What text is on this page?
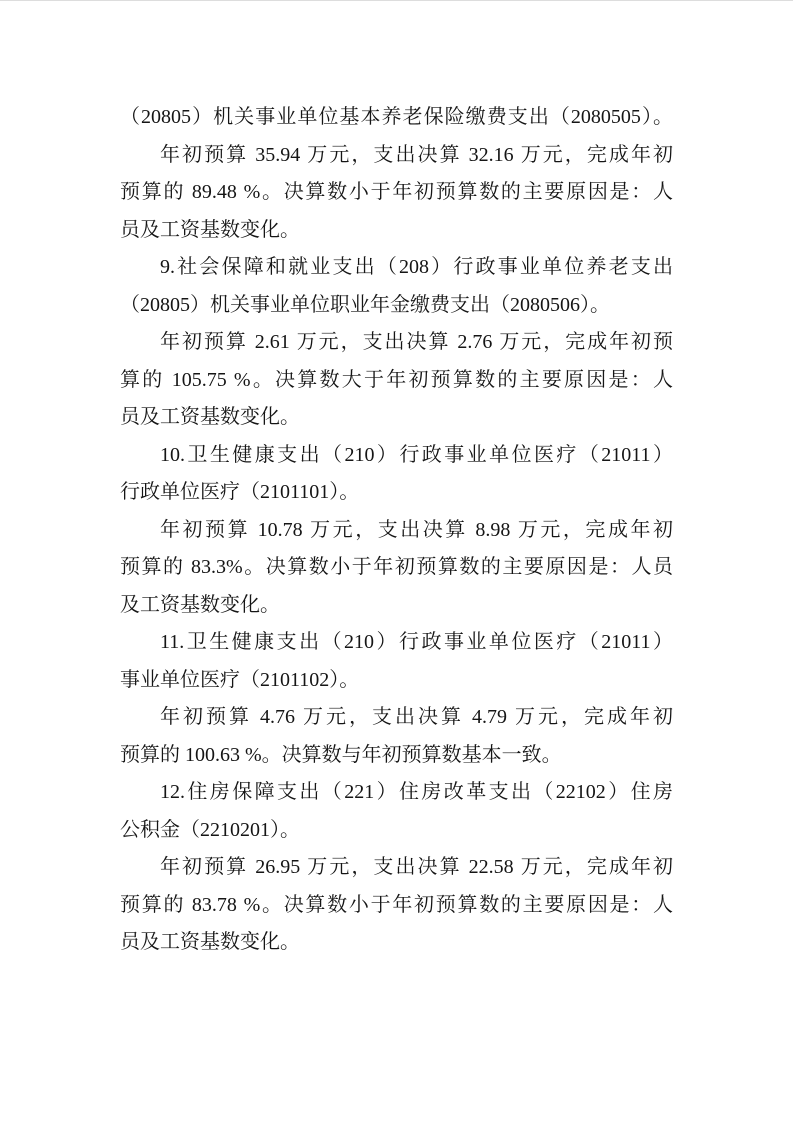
（20805）机关事业单位基本养老保险缴费支出（2080505）。
年初预算 35.94 万元，支出决算 32.16 万元，完成年初
预算的 89.48 %。决算数小于年初预算数的主要原因是：人
员及工资基数变化。
9.社会保障和就业支出（208）行政事业单位养老支出
（20805）机关事业单位职业年金缴费支出（2080506）。
年初预算 2.61 万元，支出决算 2.76 万元，完成年初预
算的 105.75 %。决算数大于年初预算数的主要原因是：人
员及工资基数变化。
10.卫生健康支出（210）行政事业单位医疗（21011）
行政单位医疗（2101101）。
年初预算 10.78 万元，支出决算 8.98 万元，完成年初
预算的 83.3%。决算数小于年初预算数的主要原因是：人员
及工资基数变化。
11.卫生健康支出（210）行政事业单位医疗（21011）
事业单位医疗（2101102）。
年初预算 4.76 万元，支出决算 4.79 万元，完成年初
预算的 100.63 %。决算数与年初预算数基本一致。
12.住房保障支出（221）住房改革支出（22102）住房
公积金（2210201）。
年初预算 26.95 万元，支出决算 22.58 万元，完成年初
预算的 83.78 %。决算数小于年初预算数的主要原因是：人
员及工资基数变化。
